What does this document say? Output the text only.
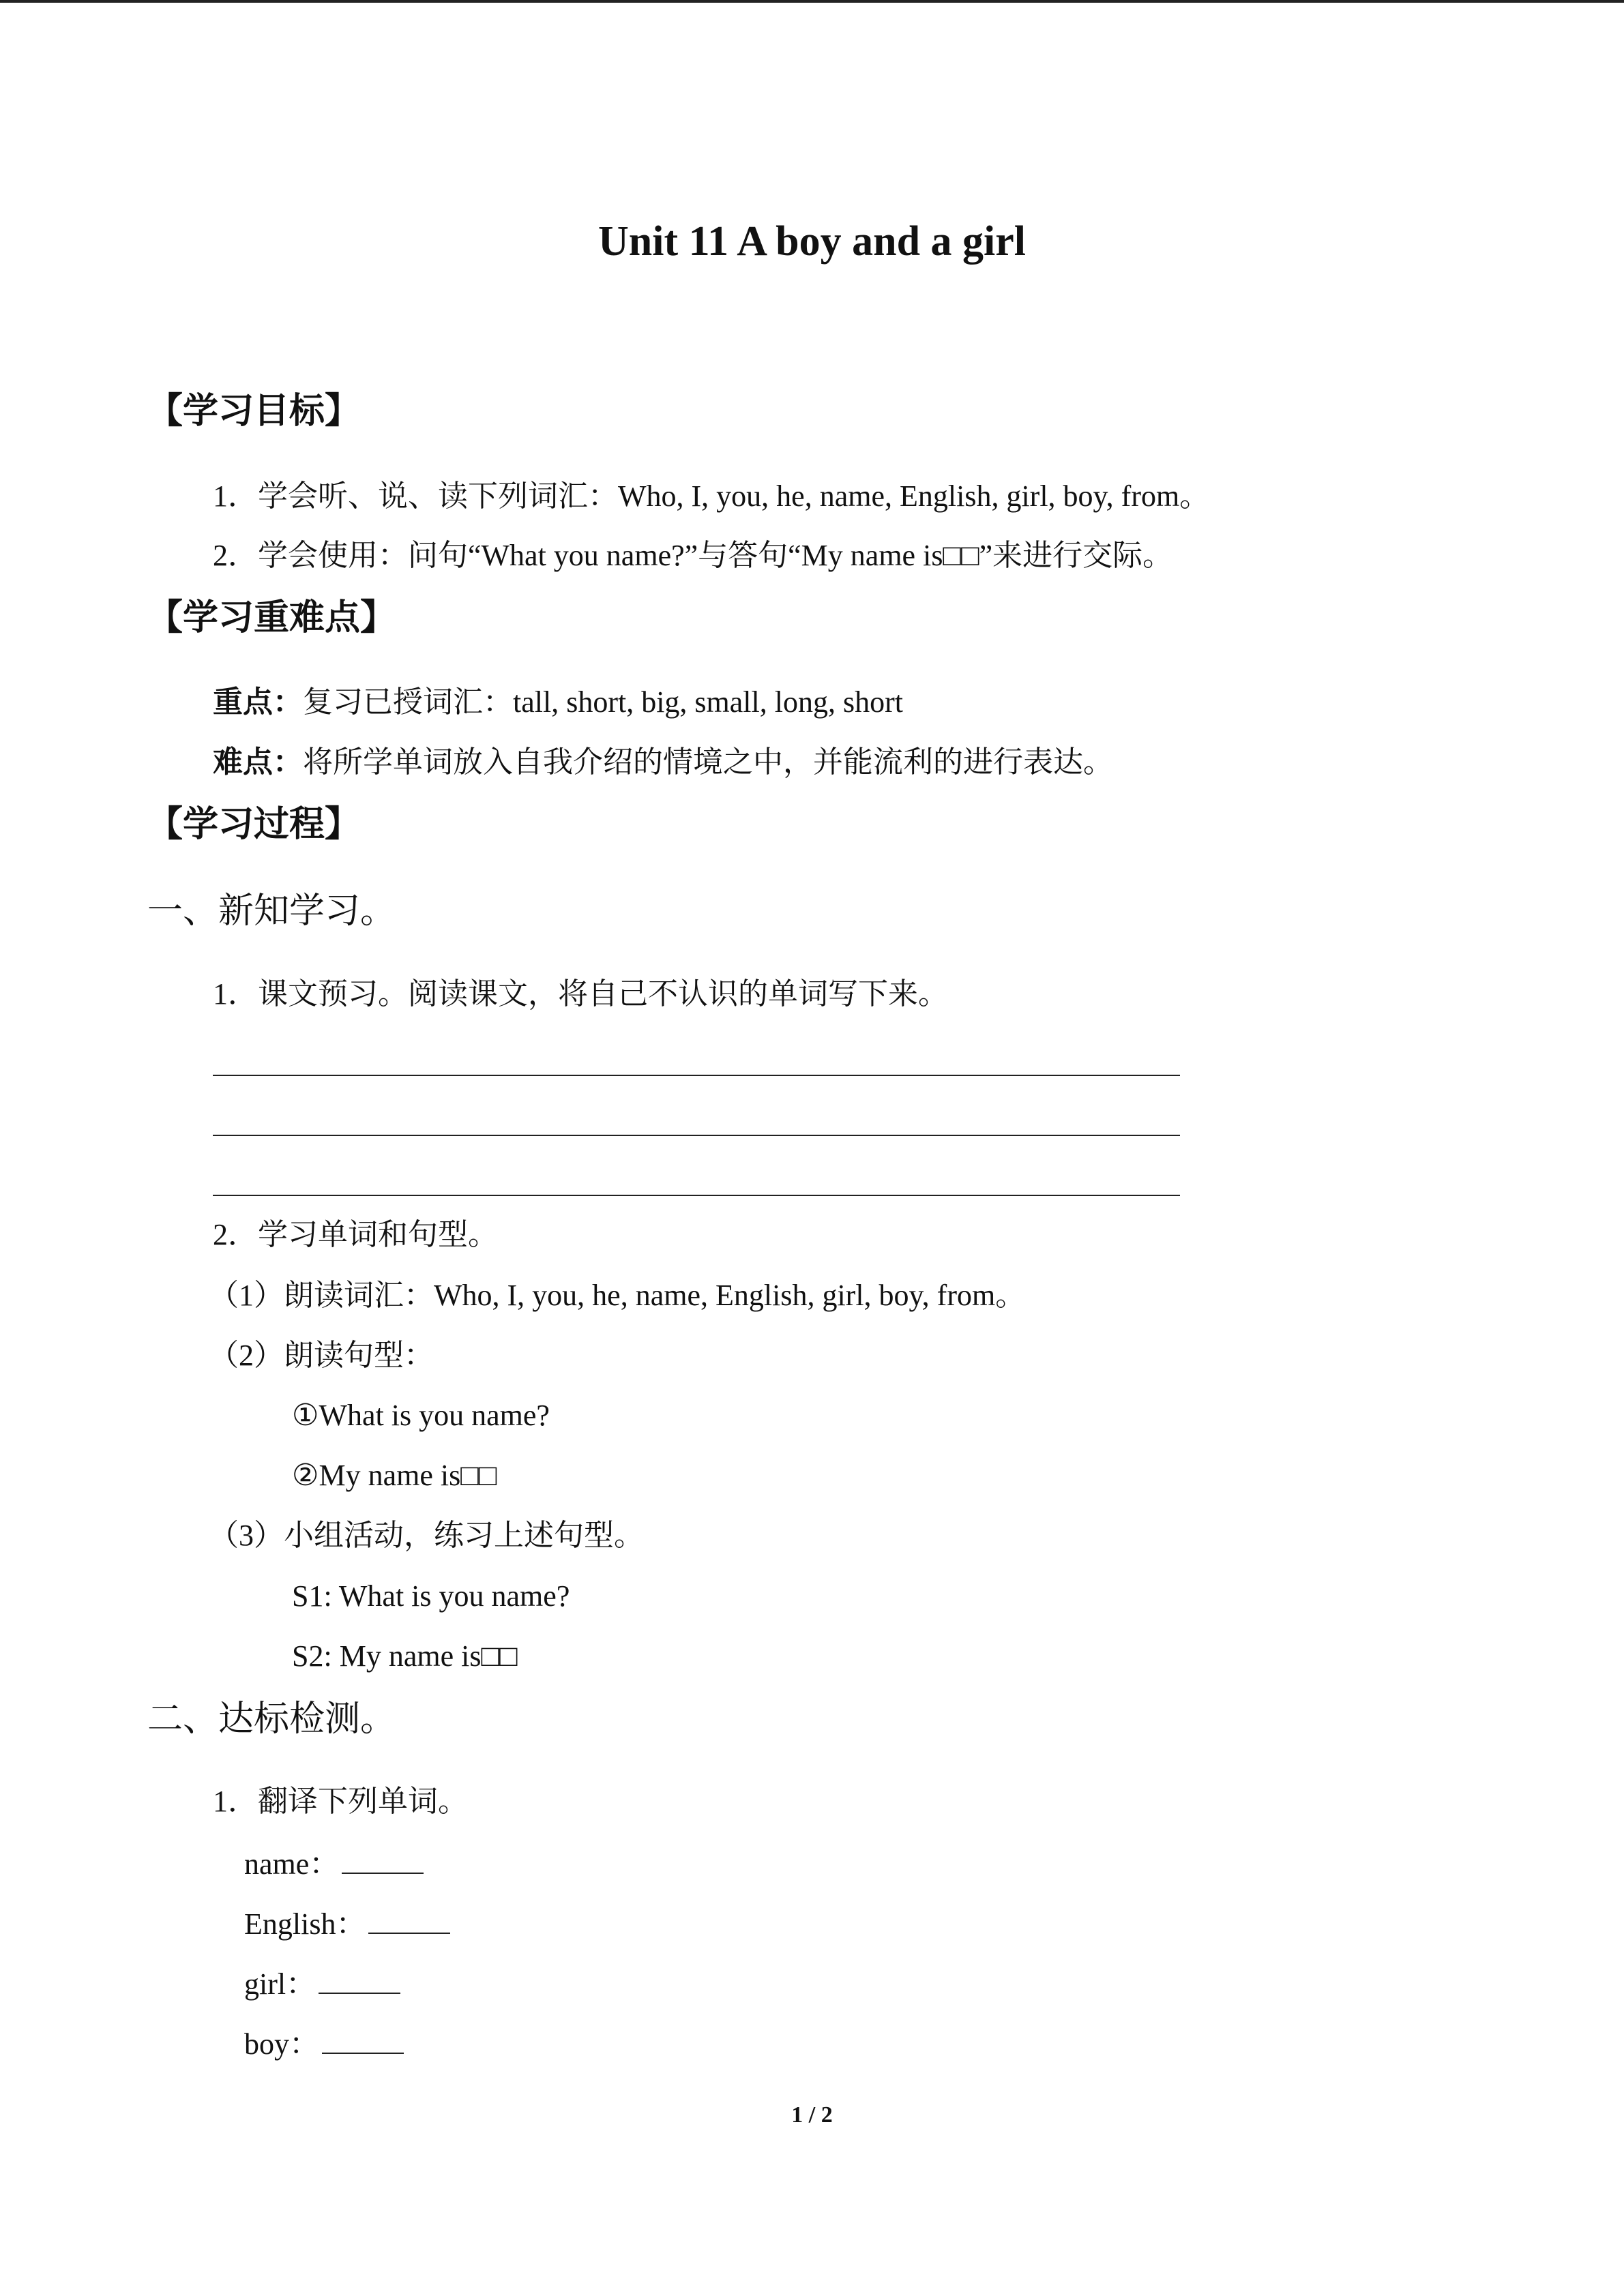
Unit 11 A boy and a girl
【学习目标】
1．学会听、说、读下列词汇：Who, I, you, he, name, English, girl, boy, from。
2．学会使用：问句“What you name?”与答句“My name is□□”来进行交际。
【学习重难点】
重点：复习已授词汇：tall, short, big, small, long, short
难点：将所学单词放入自我介绍的情境之中，并能流利的进行表达。
【学习过程】
一、新知学习。
1．课文预习。阅读课文，将自己不认识的单词写下来。
2．学习单词和句型。
（1）朗读词汇：Who, I, you, he, name, English, girl, boy, from。
（2）朗读句型：
①What is you name?
②My name is□□
（3）小组活动，练习上述句型。
S1: What is you name?
S2: My name is□□
二、达标检测。
1．翻译下列单词。
name：
English：
girl：
boy：
1 / 2
